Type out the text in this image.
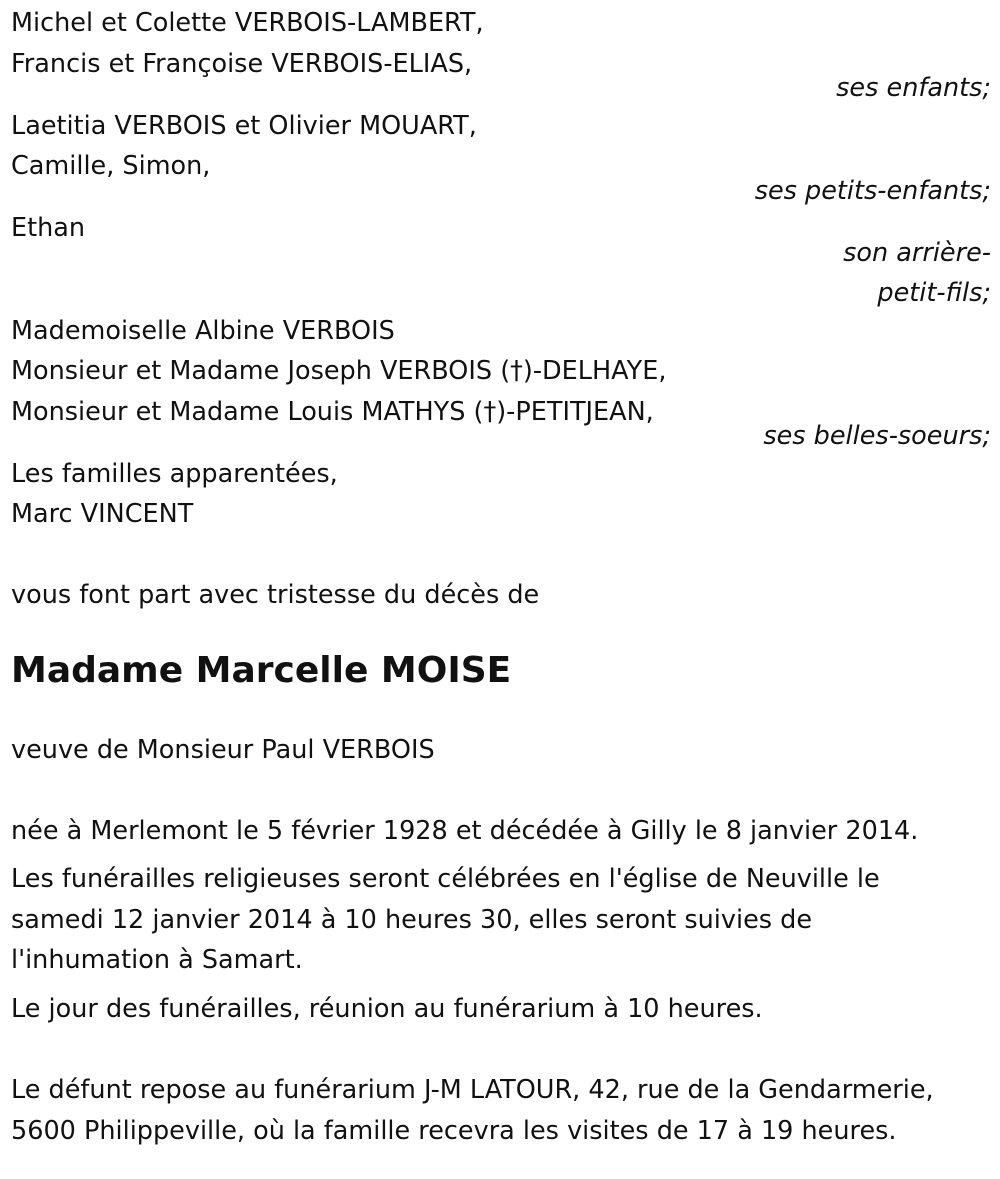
Michel et Colette VERBOIS-LAMBERT,
Francis et Françoise VERBOIS-ELIAS,
ses enfants;
Laetitia VERBOIS et Olivier MOUART,
Camille, Simon,
ses petits-enfants;
Ethan
son arrière-
petit-fils;
Mademoiselle Albine VERBOIS
Monsieur et Madame Joseph VERBOIS (†)-DELHAYE,
Monsieur et Madame Louis MATHYS (†)-PETITJEAN,
ses belles-soeurs;
Les familles apparentées,
Marc VINCENT
vous font part avec tristesse du décès de
Madame Marcelle MOISE
veuve de Monsieur Paul VERBOIS
née à Merlemont le 5 février 1928 et décédée à Gilly le 8 janvier 2014.
Les funérailles religieuses seront célébrées en l'église de Neuville le
samedi 12 janvier 2014 à 10 heures 30, elles seront suivies de
l'inhumation à Samart.
Le jour des funérailles, réunion au funérarium à 10 heures.
Le défunt repose au funérarium J-M LATOUR, 42, rue de la Gendarmerie,
5600 Philippeville, où la famille recevra les visites de 17 à 19 heures.
